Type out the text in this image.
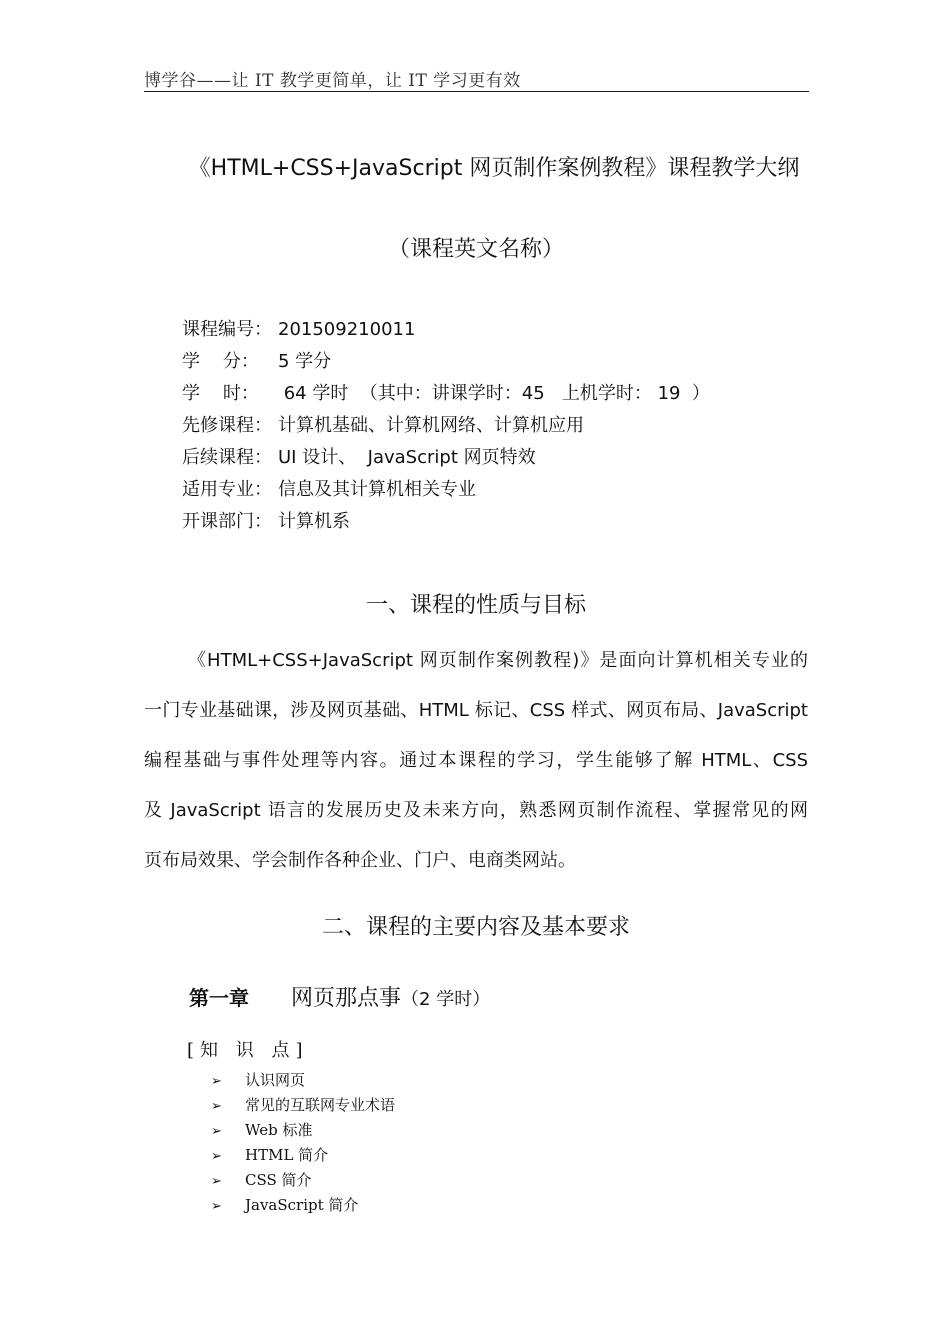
博学谷——让 IT 教学更简单，让 IT 学习更有效
《HTML+CSS+JavaScript 网页制作案例教程》课程教学大纲
（课程英文名称）
课程编号： 201509210011
学    分： 5 学分
学    时： 64 学时  （其中：讲课学时：45   上机学时： 19  ）
先修课程： 计算机基础、计算机网络、计算机应用
后续课程： UI 设计、  JavaScript 网页特效
适用专业： 信息及其计算机相关专业
开课部门： 计算机系
一、课程的性质与目标
《HTML+CSS+JavaScript 网页制作案例教程)》是面向计算机相关专业的
一门专业基础课，涉及网页基础、HTML 标记、CSS 样式、网页布局、JavaScript
编程基础与事件处理等内容。通过本课程的学习，学生能够了解 HTML、CSS
及 JavaScript 语言的发展历史及未来方向，熟悉网页制作流程、掌握常见的网
页布局效果、学会制作各种企业、门户、电商类网站。
二、课程的主要内容及基本要求
第一章 网页那点事（2 学时）
[知 识 点]
➢ 认识网页
➢ 常见的互联网专业术语
➢ Web 标准
➢ HTML 简介
➢ CSS 简介
➢ JavaScript 简介
